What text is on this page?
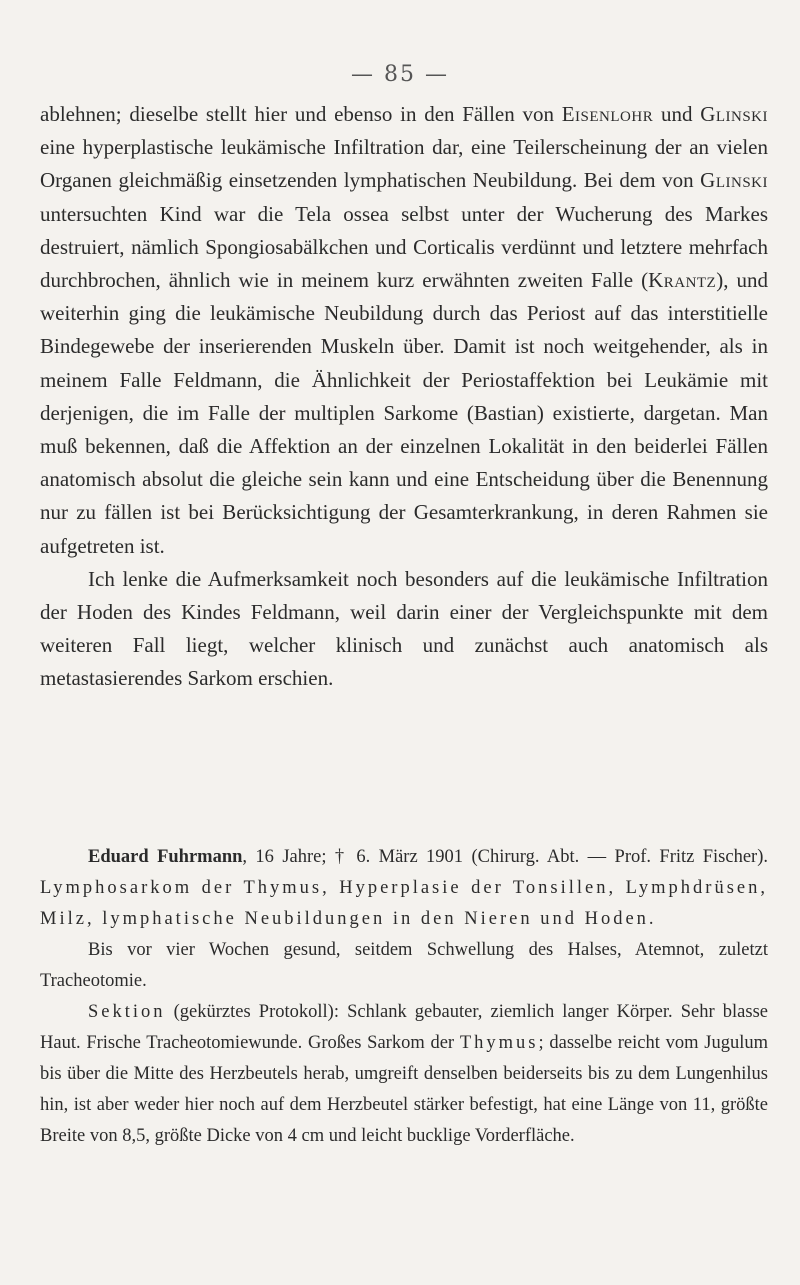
— 85 —

ablehnen; dieselbe stellt hier und ebenso in den Fällen von Eisenlohr und Glinski eine hyperplastische leukämische Infiltration dar, eine Teilerscheinung der an vielen Organen gleichmäßig einsetzenden lymphatischen Neubildung. Bei dem von Glinski untersuchten Kind war die Tela ossea selbst unter der Wucherung des Markes destruiert, nämlich Spongiosabälkchen und Corticalis verdünnt und letztere mehrfach durchbrochen, ähnlich wie in meinem kurz erwähnten zweiten Falle (Krantz), und weiterhin ging die leukämische Neubildung durch das Periost auf das interstitielle Bindegewebe der inserierenden Muskeln über. Damit ist noch weitgehender, als in meinem Falle Feldmann, die Ähnlichkeit der Periostaffektion bei Leukämie mit derjenigen, die im Falle der multiplen Sarkome (Bastian) existierte, dargetan. Man muß bekennen, daß die Affektion an der einzelnen Lokalität in den beiderlei Fällen anatomisch absolut die gleiche sein kann und eine Entscheidung über die Benennung nur zu fällen ist bei Berücksichtigung der Gesamterkrankung, in deren Rahmen sie aufgetreten ist.

Ich lenke die Aufmerksamkeit noch besonders auf die leukämische Infiltration der Hoden des Kindes Feldmann, weil darin einer der Vergleichspunkte mit dem weiteren Fall liegt, welcher klinisch und zunächst auch anatomisch als metastasierendes Sarkom erschien.

Eduard Fuhrmann, 16 Jahre; † 6. März 1901 (Chirurg. Abt. — Prof. Fritz Fischer). Lymphosarkom der Thymus, Hyperplasie der Tonsillen, Lymphdrüsen, Milz, lymphatische Neubildungen in den Nieren und Hoden.

Bis vor vier Wochen gesund, seitdem Schwellung des Halses, Atemnot, zuletzt Tracheotomie.

Sektion (gekürztes Protokoll): Schlank gebauter, ziemlich langer Körper. Sehr blasse Haut. Frische Tracheotomiewunde. Großes Sarkom der Thymus; dasselbe reicht vom Jugulum bis über die Mitte des Herzbeutels herab, umgreift denselben beiderseits bis zu dem Lungenhilus hin, ist aber weder hier noch auf dem Herzbeutel stärker befestigt, hat eine Länge von 11, größte Breite von 8,5, größte Dicke von 4 cm und leicht bucklige Vorderfläche.
